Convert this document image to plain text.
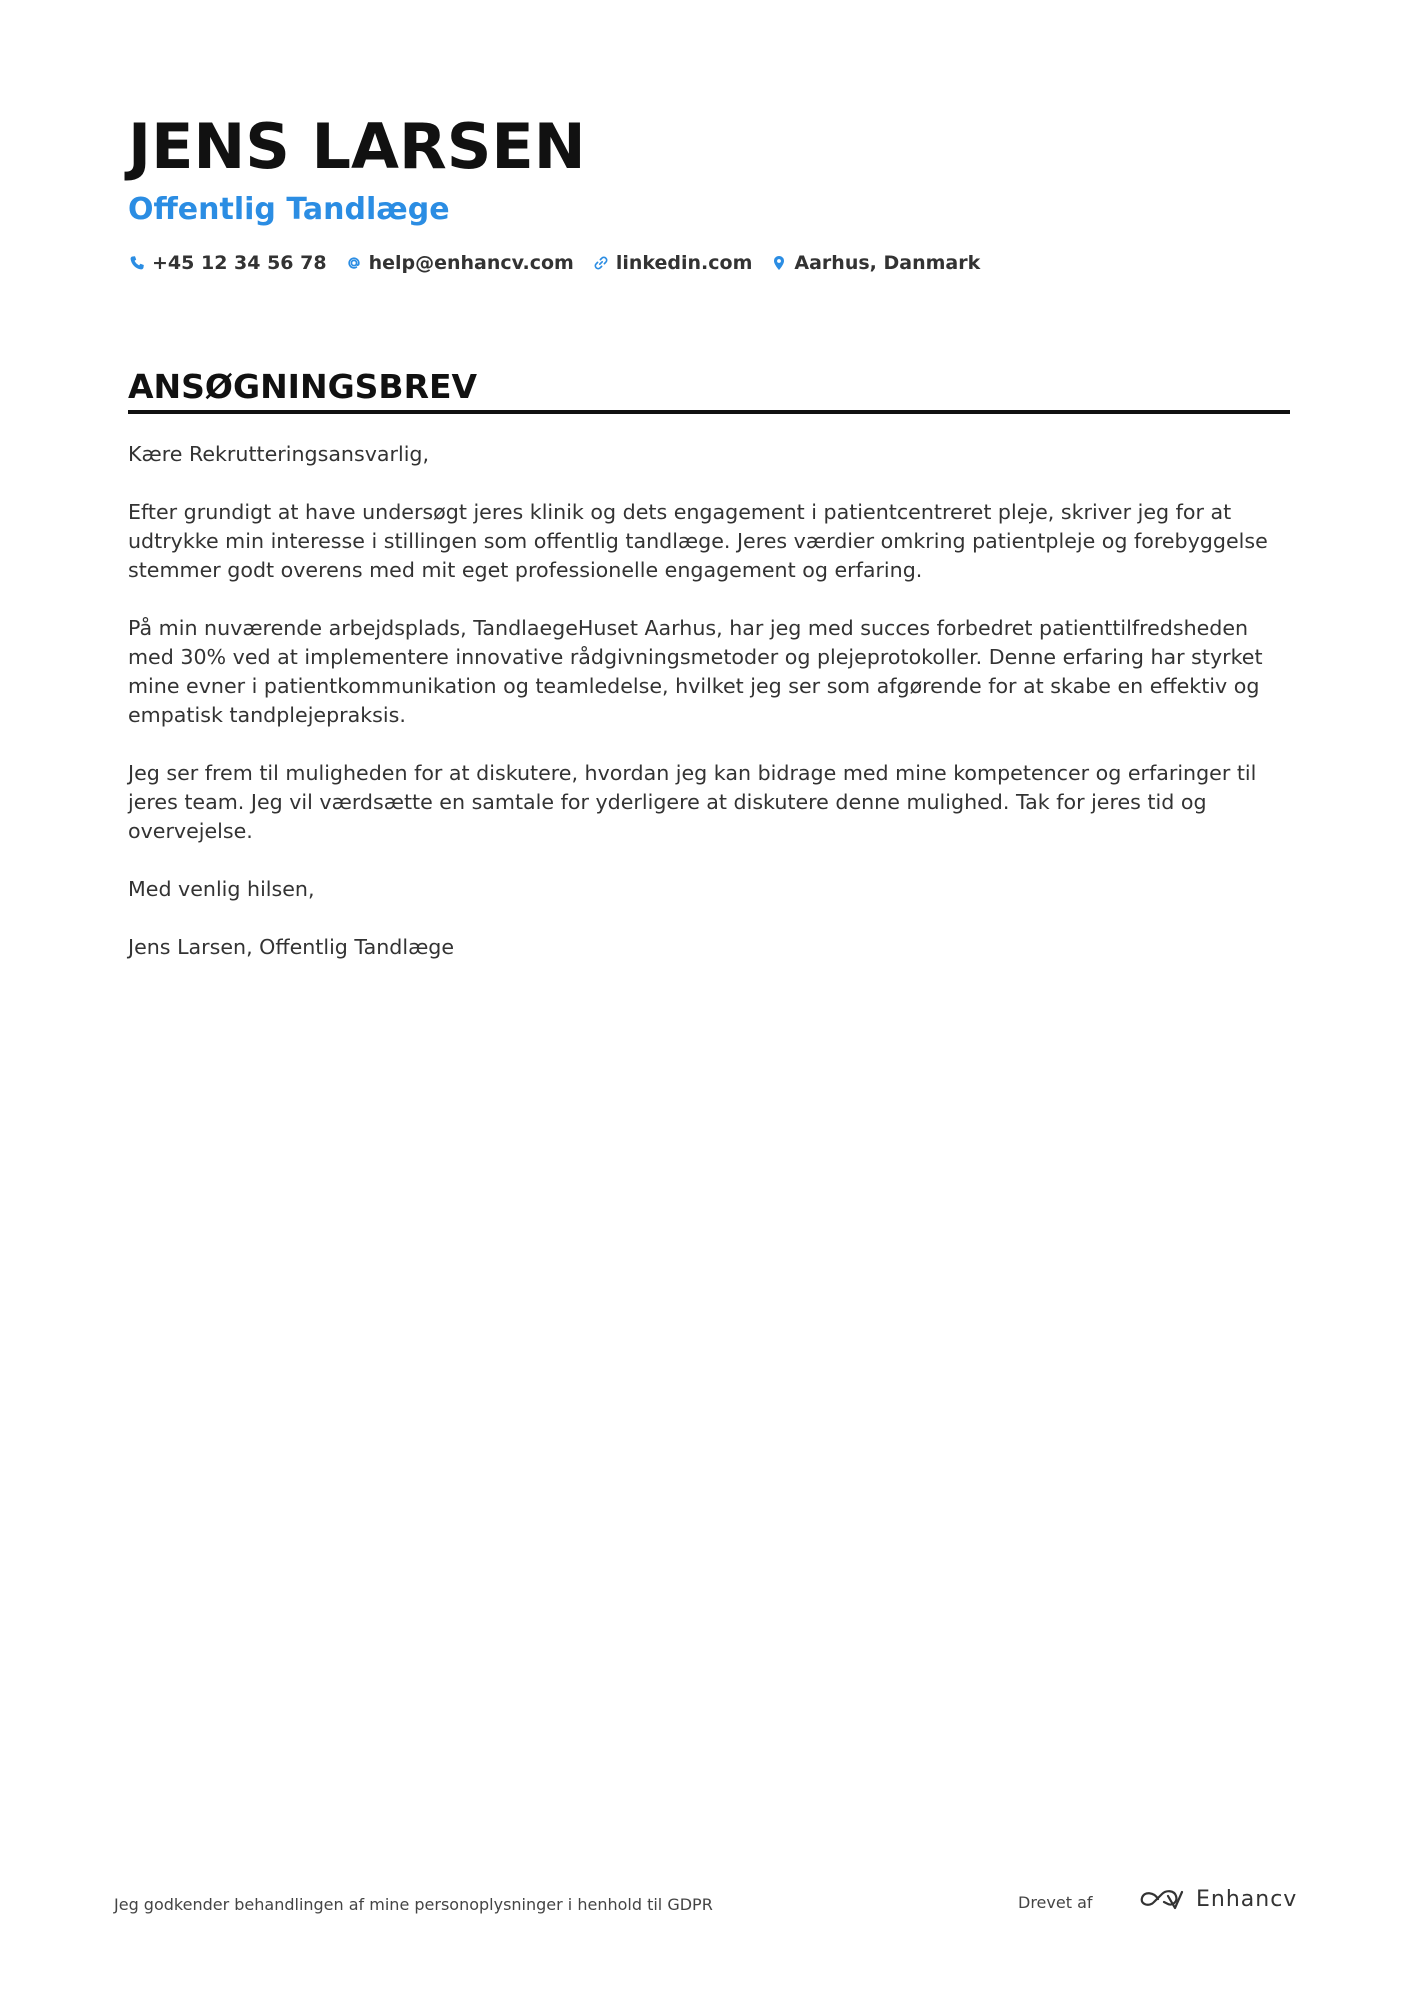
JENS LARSEN
Offentlig Tandlæge
+45 12 34 56 78 help@enhancv.com linkedin.com Aarhus, Danmark
ANSØGNINGSBREV

Kære Rekrutteringsansvarlig,

Efter grundigt at have undersøgt jeres klinik og dets engagement i patientcentreret pleje, skriver jeg for at udtrykke min interesse i stillingen som offentlig tandlæge. Jeres værdier omkring patientpleje og forebyggelse stemmer godt overens med mit eget professionelle engagement og erfaring.

På min nuværende arbejdsplads, TandlaegeHuset Aarhus, har jeg med succes forbedret patienttilfredsheden med 30% ved at implementere innovative rådgivningsmetoder og plejeprotokoller. Denne erfaring har styrket mine evner i patientkommunikation og teamledelse, hvilket jeg ser som afgørende for at skabe en effektiv og empatisk tandplejepraksis.

Jeg ser frem til muligheden for at diskutere, hvordan jeg kan bidrage med mine kompetencer og erfaringer til jeres team. Jeg vil værdsætte en samtale for yderligere at diskutere denne mulighed. Tak for jeres tid og overvejelse.

Med venlig hilsen,

Jens Larsen, Offentlig Tandlæge

Jeg godkender behandlingen af mine personoplysninger i henhold til GDPR	Drevet af	Enhancv
